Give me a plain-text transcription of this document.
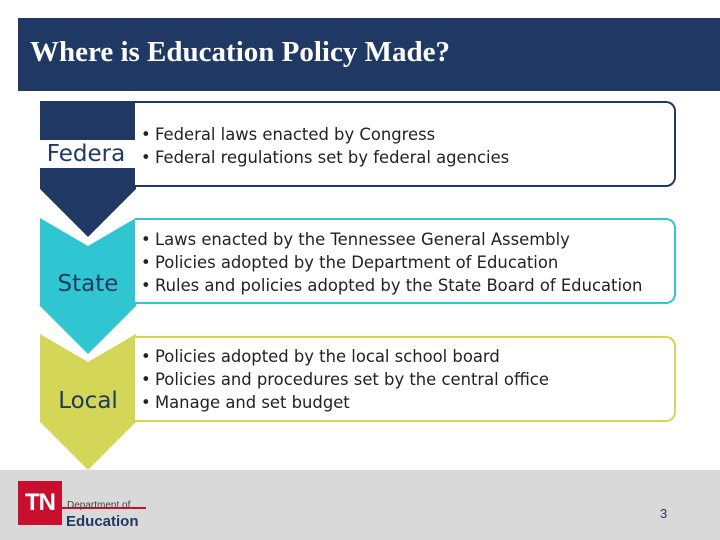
Where is Education Policy Made?
Federa
l
• Federal laws enacted by Congress
• Federal regulations set by federal agencies
State
• Laws enacted by the Tennessee General Assembly
• Policies adopted by the Department of Education
• Rules and policies adopted by the State Board of Education
Local
• Policies adopted by the local school board
• Policies and procedures set by the central office
• Manage and set budget
TN	Department of
Education	3
